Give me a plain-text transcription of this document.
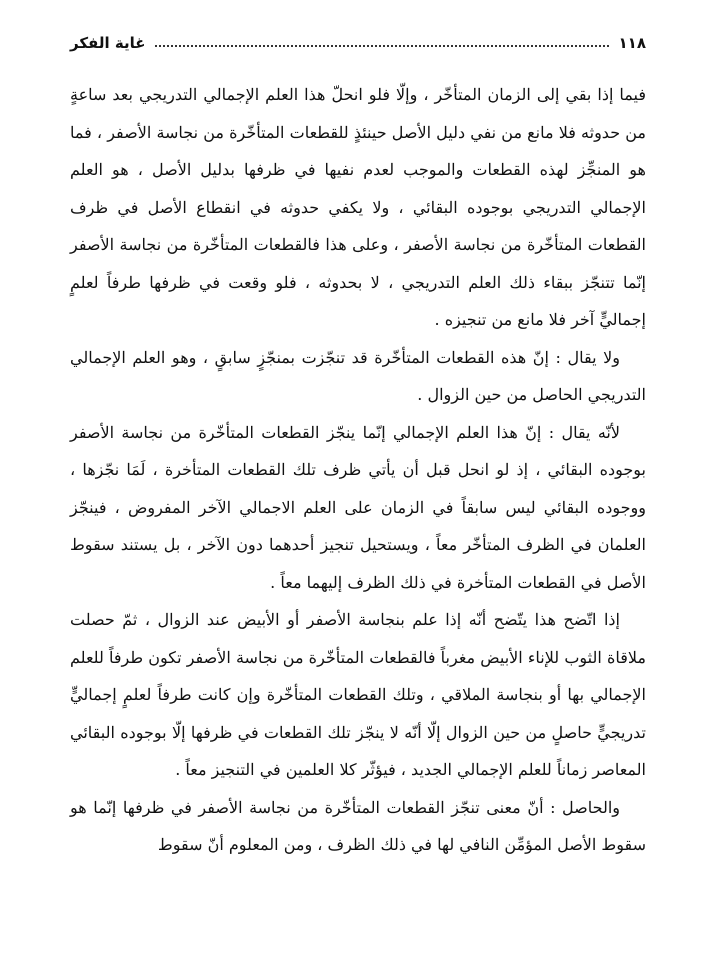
١١٨
غاية الفكر

فيما إذا بقي إلى الزمان المتأخّر ، وإلّا فلو انحلّ هذا العلم الإجمالي التدريجي بعد ساعةٍ من حدوثه فلا مانع من نفي دليل الأصل حينئذٍ للقطعات المتأخّرة من نجاسة الأصفر ، فما هو المنجِّز لهذه القطعات والموجب لعدم نفيها في ظرفها بدليل الأصل ، هو العلم الإجمالي التدريجي بوجوده البقائي ، ولا يكفي حدوثه في انقطاع الأصل في ظرف القطعات المتأخّرة من نجاسة الأصفر ، وعلى هذا فالقطعات المتأخّرة من نجاسة الأصفر إنّما تتنجّز ببقاء ذلك العلم التدريجي ، لا بحدوثه ، فلو وقعت في ظرفها طرفاً لعلمٍ إجماليٍّ آخر فلا مانع من تنجيزه .

ولا يقال : إنّ هذه القطعات المتأخّرة قد تنجّزت بمنجّزٍ سابقٍ ، وهو العلم الإجمالي التدريجي الحاصل من حين الزوال .

لأنّه يقال : إنّ هذا العلم الإجمالي إنّما ينجّز القطعات المتأخّرة من نجاسة الأصفر بوجوده البقائي ، إذ لو انحل قبل أن يأتي ظرف تلك القطعات المتأخرة ، لَمَا نجّزها ، ووجوده البقائي ليس سابقاً في الزمان على العلم الاجمالي الآخر المفروض ، فينجّز العلمان في الظرف المتأخّر معاً ، ويستحيل تنجيز أحدهما دون الآخر ، بل يستند سقوط الأصل في القطعات المتأخرة في ذلك الظرف إليهما معاً .

إذا اتّضح هذا يتّضح أنّه إذا علم بنجاسة الأصفر أو الأبيض عند الزوال ، ثمّ حصلت ملاقاة الثوب للإناء الأبيض مغرباً فالقطعات المتأخّرة من نجاسة الأصفر تكون طرفاً للعلم الإجمالي بها أو بنجاسة الملاقي ، وتلك القطعات المتأخّرة وإن كانت طرفاً لعلمٍ إجماليٍّ تدريجيٍّ حاصلٍ من حين الزوال إلّا أنّه لا ينجّز تلك القطعات في ظرفها إلّا بوجوده البقائي المعاصر زماناً للعلم الإجمالي الجديد ، فيؤثّر كلا العلمين في التنجيز معاً .

والحاصل : أنّ معنى تنجّز القطعات المتأخّرة من نجاسة الأصفر في ظرفها إنّما هو سقوط الأصل المؤمِّن النافي لها في ذلك الظرف ، ومن المعلوم أنّ سقوط
